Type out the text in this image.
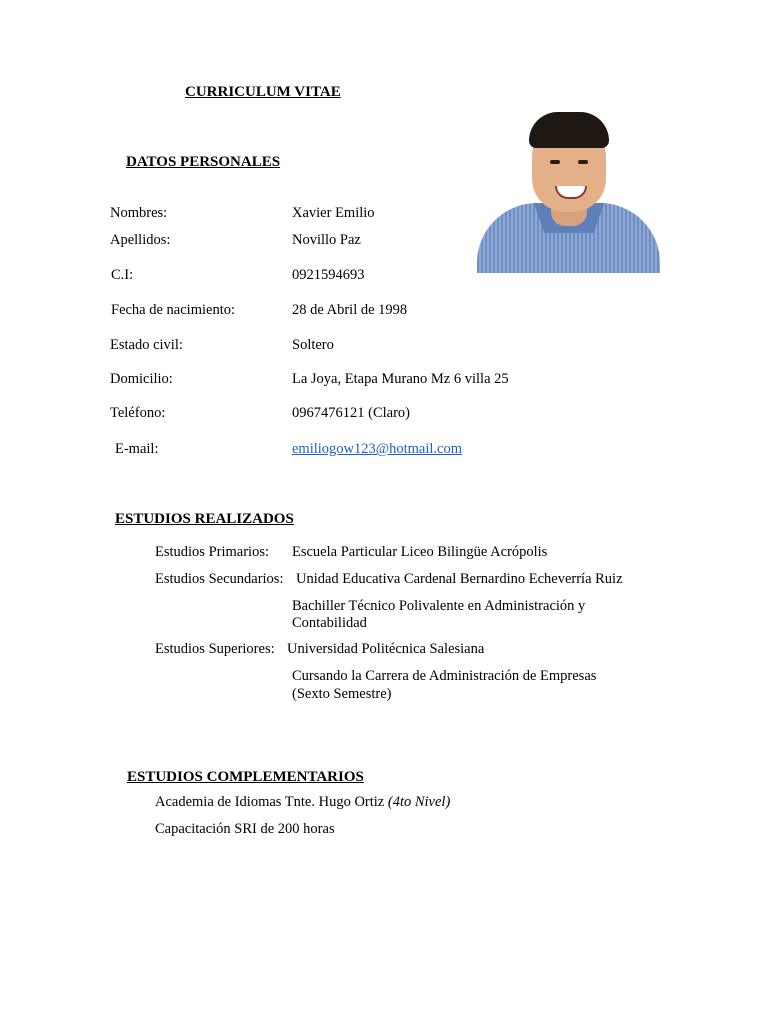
CURRICULUM VITAE
DATOS PERSONALES
Nombres:	Xavier Emilio
Apellidos:	Novillo Paz
C.I:	0921594693
Fecha de nacimiento:	28 de Abril de 1998
Estado civil:	Soltero
Domicilio:	La Joya, Etapa Murano Mz 6 villa 25
Teléfono:	0967476121 (Claro)
E-mail:	emiliogow123@hotmail.com
ESTUDIOS REALIZADOS
Estudios Primarios: Escuela Particular Liceo Bilingüe Acrópolis
Estudios Secundarios: Unidad Educativa Cardenal Bernardino Echeverría Ruiz
Bachiller Técnico Polivalente en Administración y
Contabilidad
Estudios Superiores: Universidad Politécnica Salesiana
Cursando la Carrera de Administración de Empresas
(Sexto Semestre)
ESTUDIOS COMPLEMENTARIOS
Academia de Idiomas Tnte. Hugo Ortiz (4to Nivel)
Capacitación SRI de 200 horas
